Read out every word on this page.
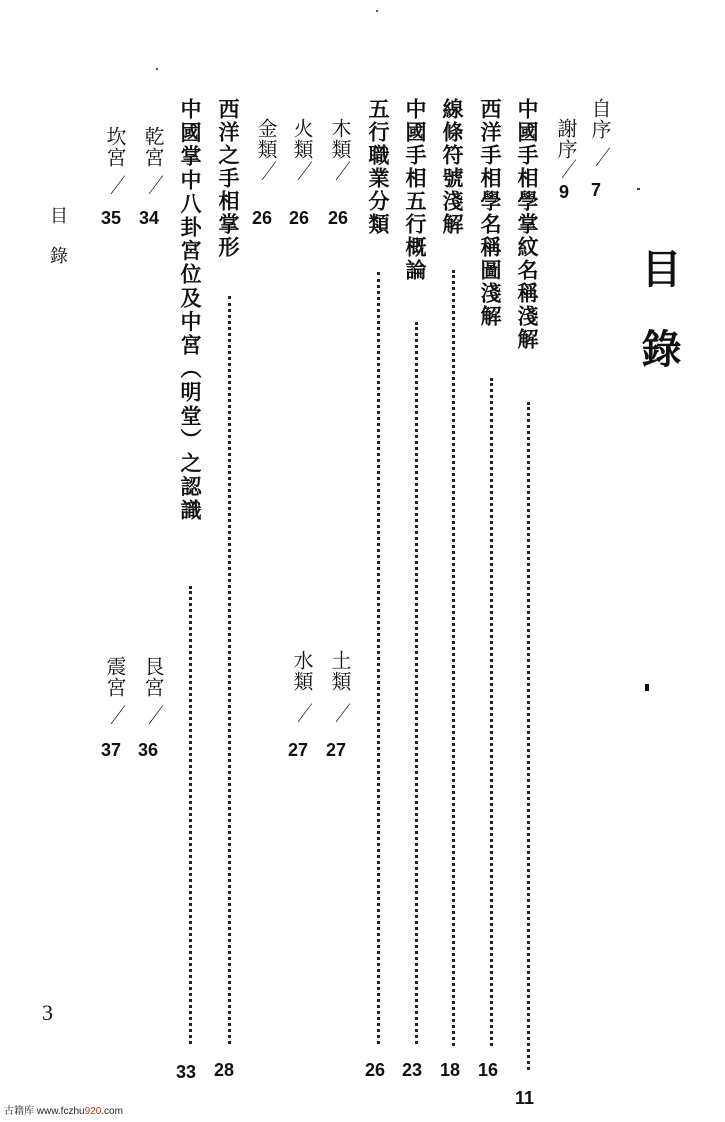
目錄
自序
／
7
謝序
／
9
中國手相學掌紋名稱淺解
11
西洋手相學名稱圖淺解
16
線條符號淺解
18
中國手相五行概論
23
五行職業分類
26
木類
／
26
土類
／
27
火類
／
26
水類
／
27
金類
／
26
西洋之手相掌形
28
中國掌中八卦宮位及中宮（明堂）之認識
33
乾宮
／
34
艮宮
／
36
坎宮
／
35
震宮
／
37
目錄
3
古籍库 www.fczhu920.com
